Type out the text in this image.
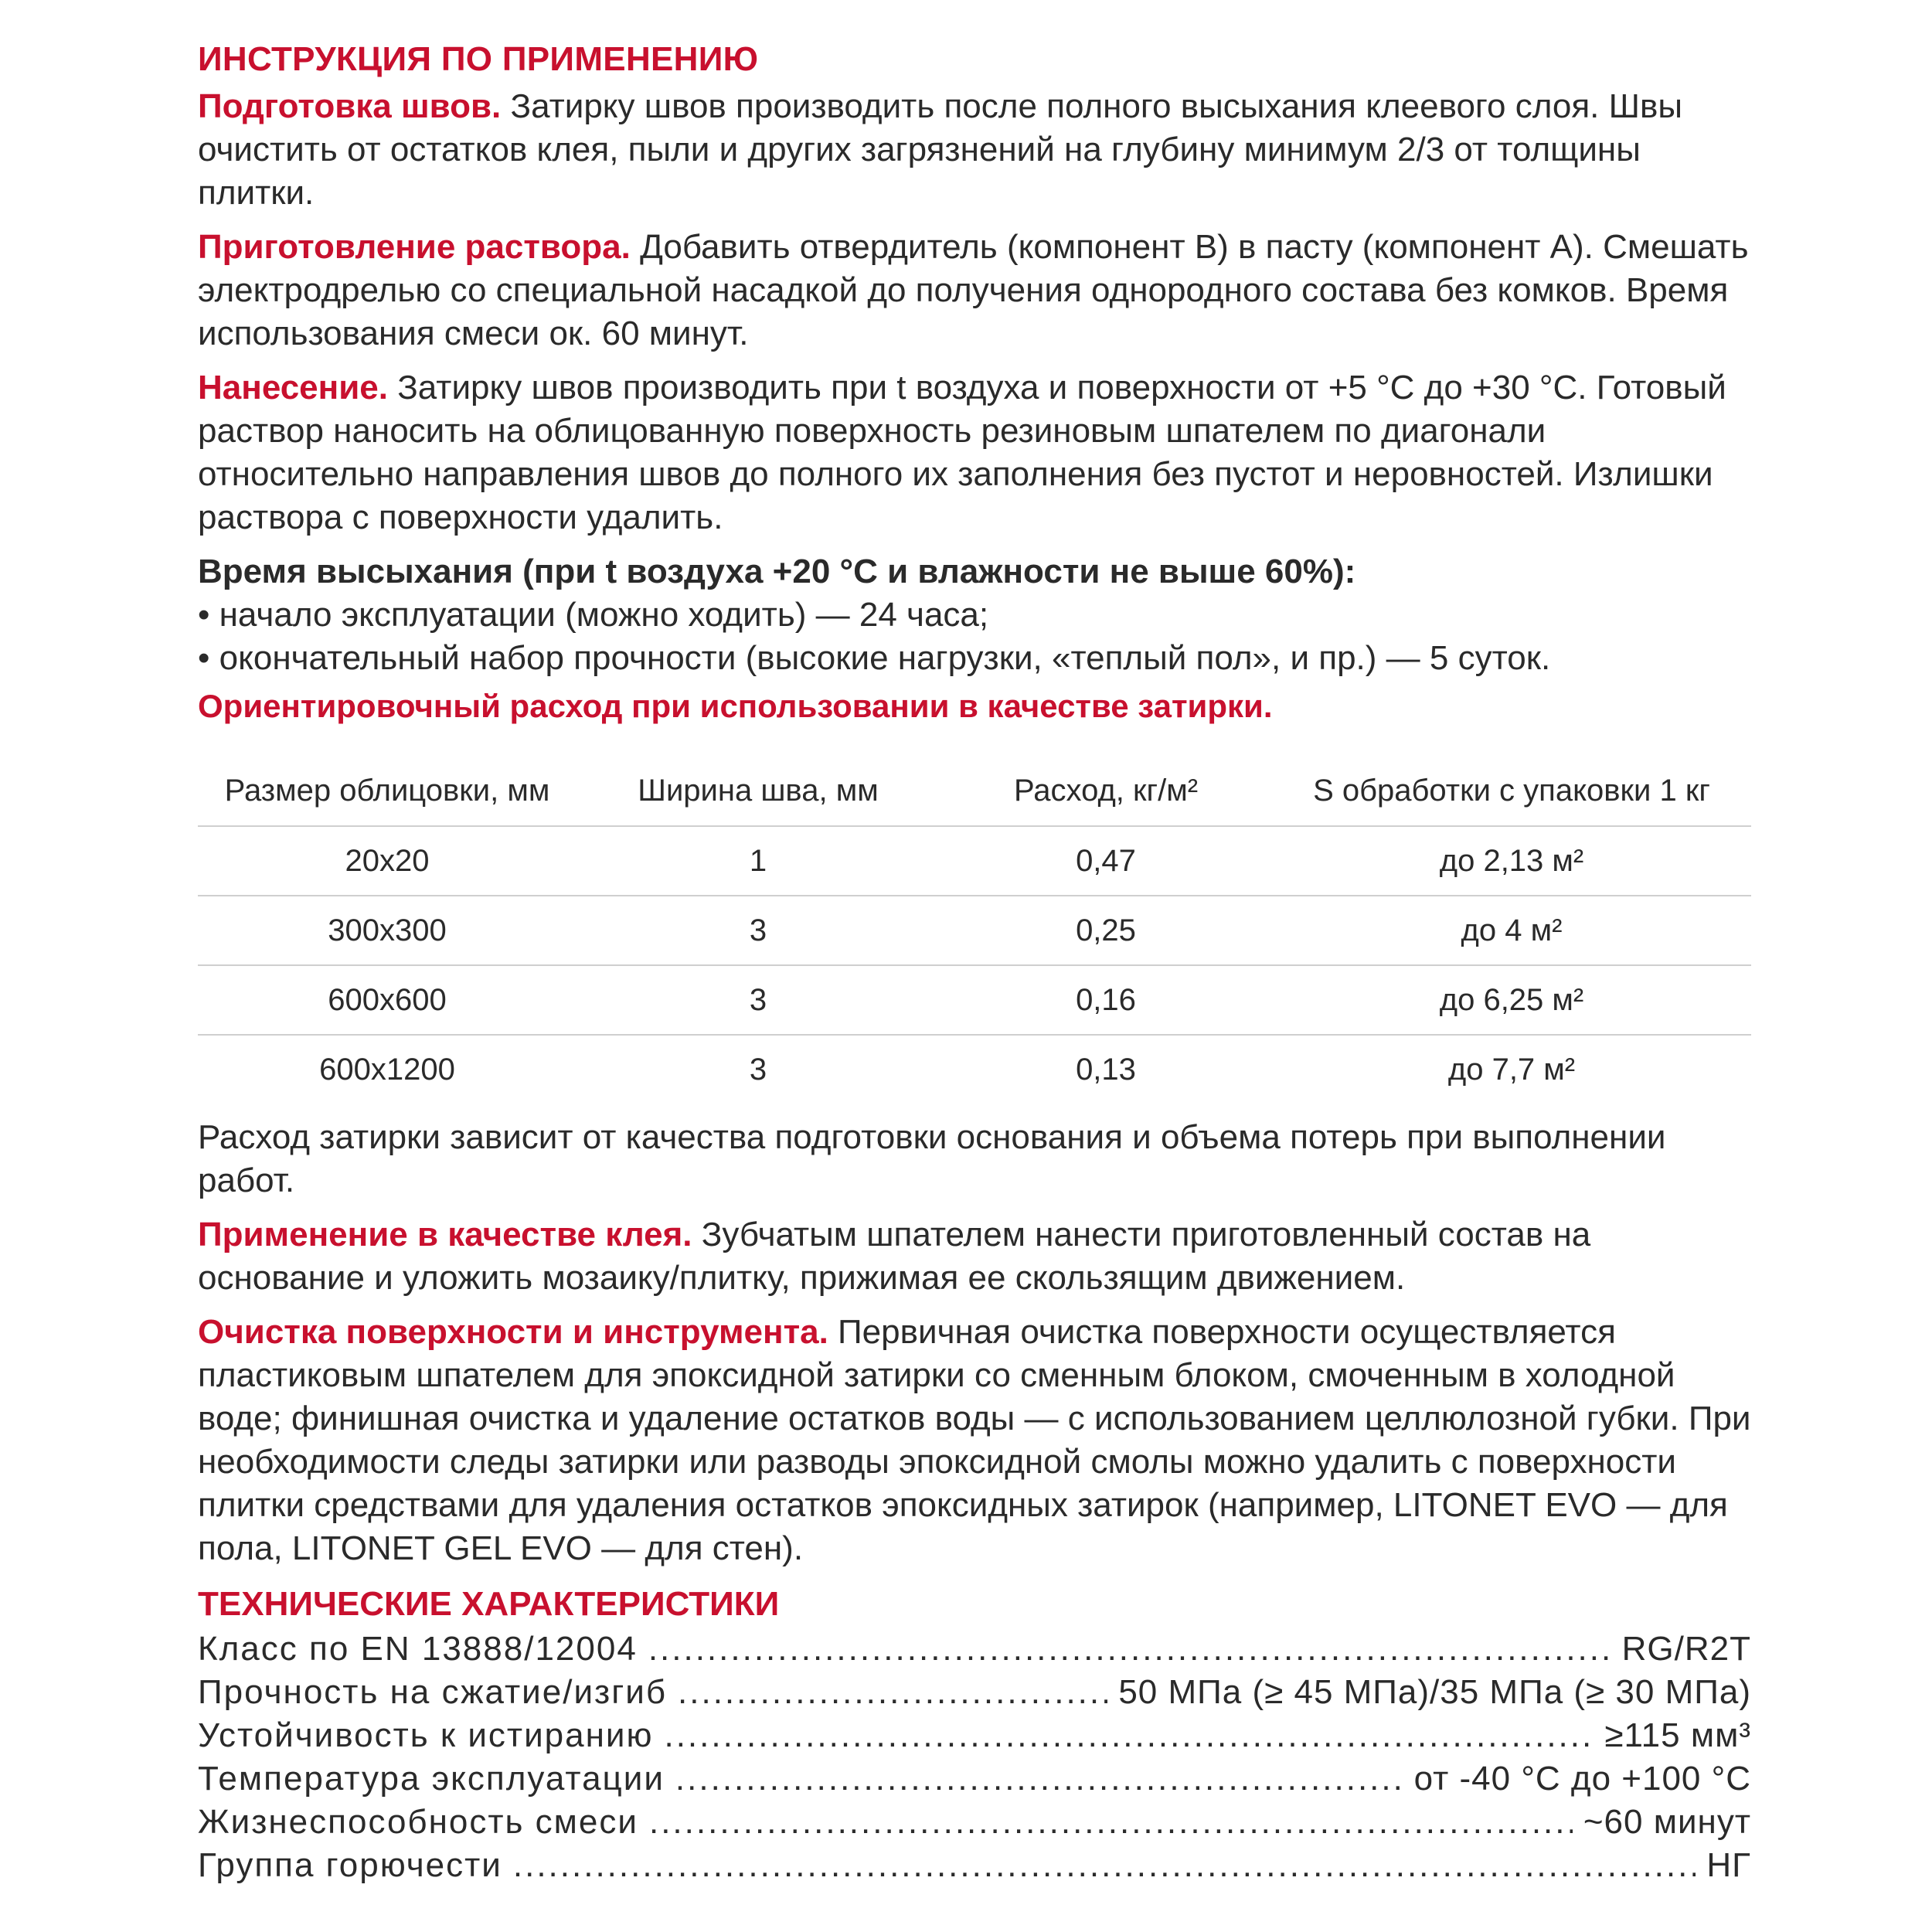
ИНСТРУКЦИЯ ПО ПРИМЕНЕНИЮ
Подготовка швов. Затирку швов производить после полного высыхания клеевого слоя. Швы очистить от остатков клея, пыли и других загрязнений на глубину минимум 2/3 от толщины плитки.
Приготовление раствора. Добавить отвердитель (компонент B) в пасту (компонент A). Смешать электродрелью со специальной насадкой до получения однородного состава без комков. Время использования смеси ок. 60 минут.
Нанесение. Затирку швов производить при t воздуха и поверхности от +5 °С до +30 °С. Готовый раствор наносить на облицованную поверхность резиновым шпателем по диагонали относительно направления швов до полного их заполнения без пустот и неровностей. Излишки раствора с поверхности удалить.
Время высыхания (при t воздуха +20 °С и влажности не выше 60%):
• начало эксплуатации (можно ходить) — 24 часа;
• окончательный набор прочности (высокие нагрузки, «теплый пол», и пр.) — 5 суток.
Ориентировочный расход при использовании в качестве затирки.
Размер облицовки, мм	Ширина шва, мм	Расход, кг/м²	S обработки с упаковки 1 кг
20x20	1	0,47	до 2,13 м²
300x300	3	0,25	до 4 м²
600x600	3	0,16	до 6,25 м²
600x1200	3	0,13	до 7,7 м²
Расход затирки зависит от качества подготовки основания и объема потерь при выполнении работ.
Применение в качестве клея. Зубчатым шпателем нанести приготовленный состав на основание и уложить мозаику/плитку, прижимая ее скользящим движением.
Очистка поверхности и инструмента. Первичная очистка поверхности осуществляется пластиковым шпателем для эпоксидной затирки со сменным блоком, смоченным в холодной воде; финишная очистка и удаление остатков воды — с использованием целлюлозной губки. При необходимости следы затирки или разводы эпоксидной смолы можно удалить с поверхности плитки средствами для удаления остатков эпоксидных затирок (например, LITONET EVO — для пола, LITONET GEL EVO — для стен).
ТЕХНИЧЕСКИЕ ХАРАКТЕРИСТИКИ
Класс по EN 13888/12004 .....	RG/R2T
Прочность на сжатие/изгиб .....	50 МПа (≥ 45 МПа)/35 МПа (≥ 30 МПа)
Устойчивость к истиранию .....	≥115 мм³
Температура эксплуатации .....	от -40 °С до +100 °С
Жизнеспособность смеси .....	~60 минут
Группа горючести .....	НГ
